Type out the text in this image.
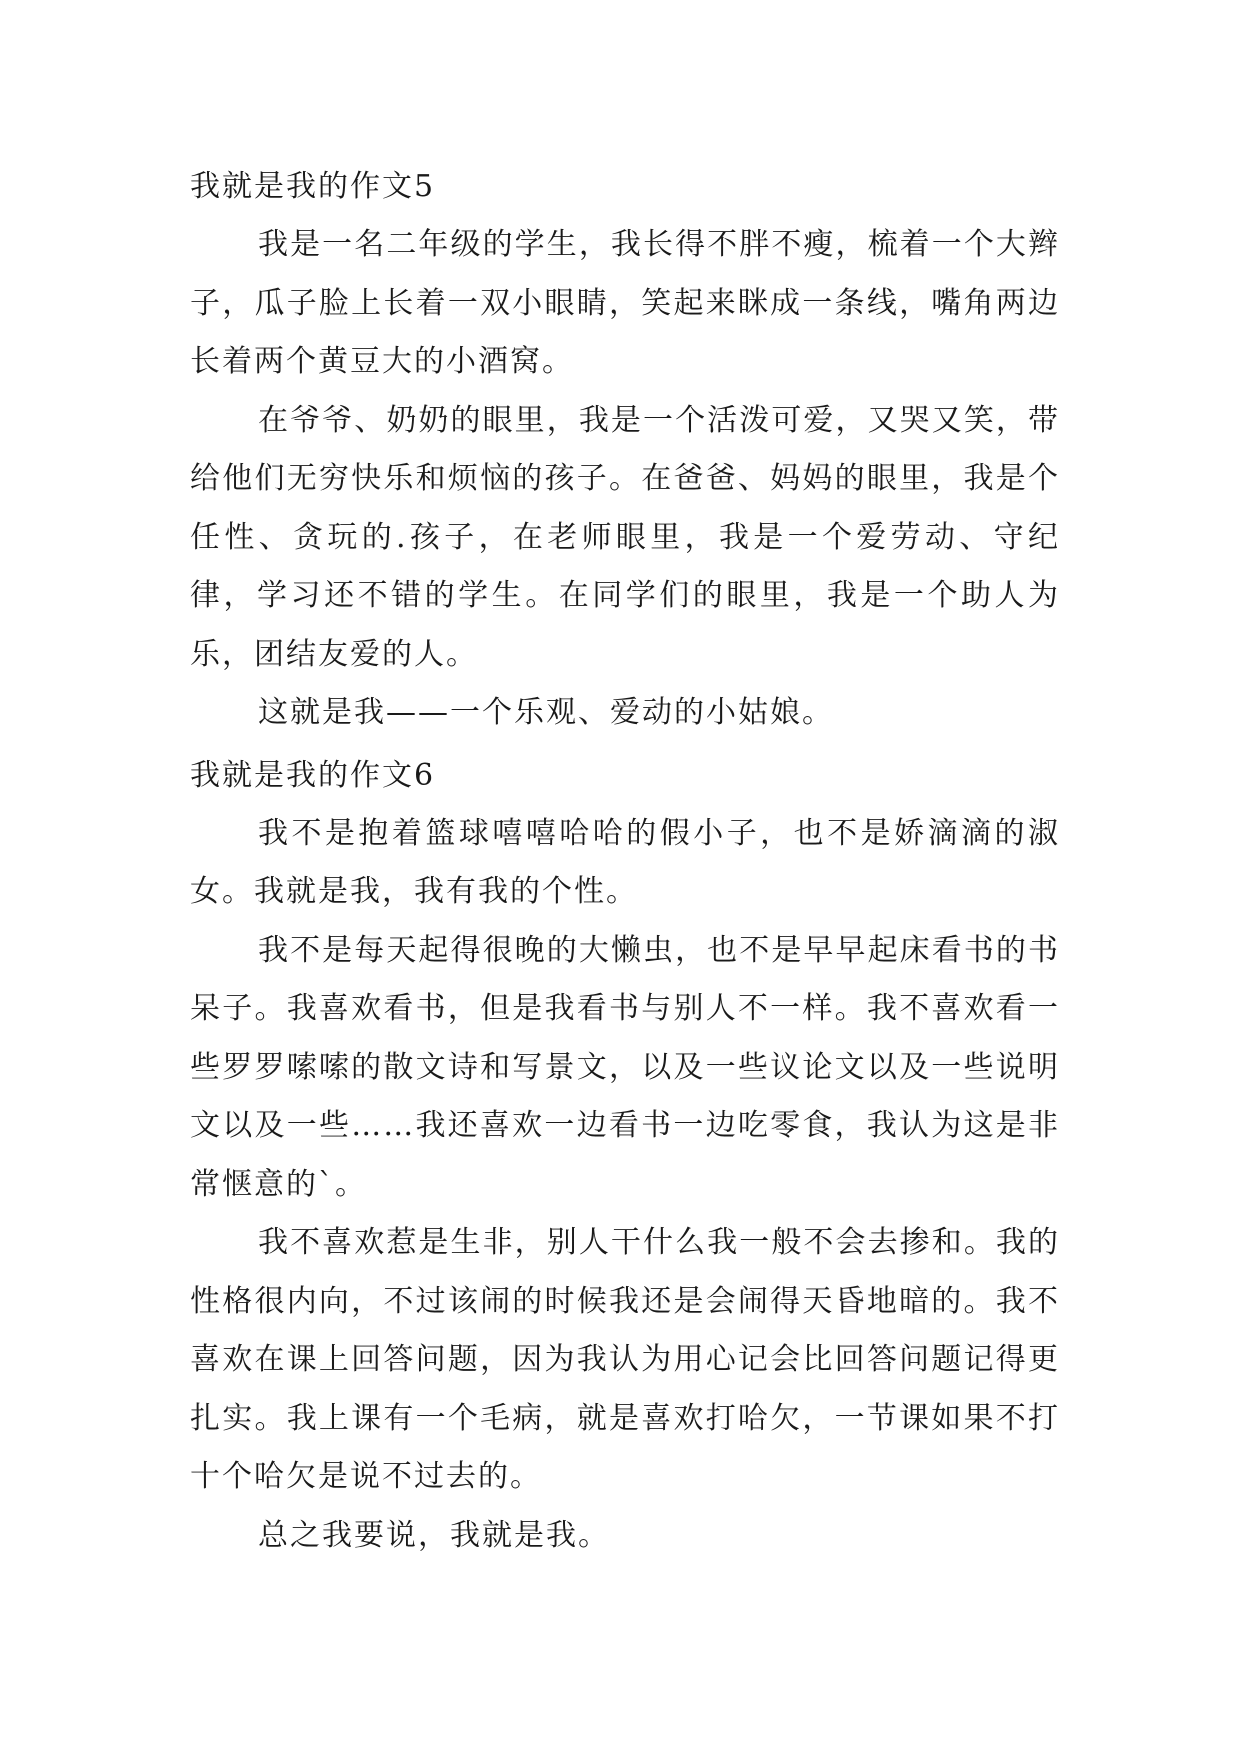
我就是我的作文5

我是一名二年级的学生，我长得不胖不瘦，梳着一个大辫子，瓜子脸上长着一双小眼睛，笑起来眯成一条线，嘴角两边长着两个黄豆大的小酒窝。

在爷爷、奶奶的眼里，我是一个活泼可爱，又哭又笑，带给他们无穷快乐和烦恼的孩子。在爸爸、妈妈的眼里，我是个任性、贪玩的.孩子，在老师眼里，我是一个爱劳动、守纪律，学习还不错的学生。在同学们的眼里，我是一个助人为乐，团结友爱的人。

这就是我——一个乐观、爱动的小姑娘。

我就是我的作文6

我不是抱着篮球嘻嘻哈哈的假小子，也不是娇滴滴的淑女。我就是我，我有我的个性。

我不是每天起得很晚的大懒虫，也不是早早起床看书的书呆子。我喜欢看书，但是我看书与别人不一样。我不喜欢看一些罗罗嗦嗦的散文诗和写景文，以及一些议论文以及一些说明文以及一些……我还喜欢一边看书一边吃零食，我认为这是非常惬意的`。

我不喜欢惹是生非，别人干什么我一般不会去掺和。我的性格很内向，不过该闹的时候我还是会闹得天昏地暗的。我不喜欢在课上回答问题，因为我认为用心记会比回答问题记得更扎实。我上课有一个毛病，就是喜欢打哈欠，一节课如果不打十个哈欠是说不过去的。

总之我要说，我就是我。
